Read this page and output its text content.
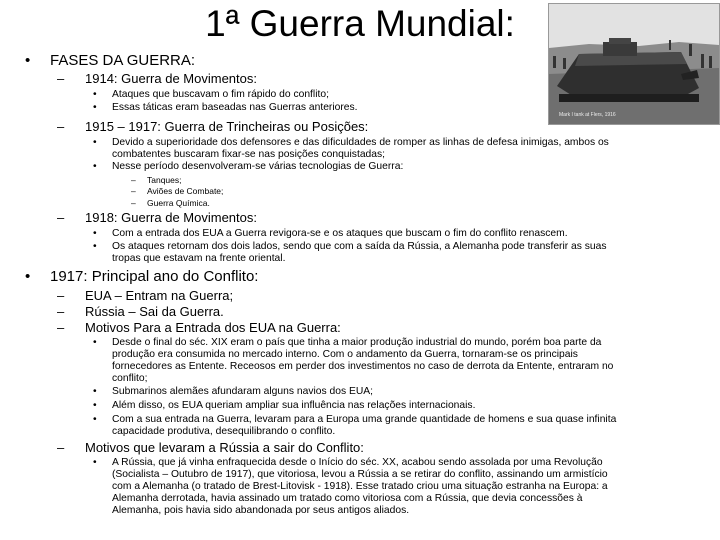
1ª Guerra Mundial:
Mark I tank at Flers, 1916
• FASES DA GUERRA:
– 1914: Guerra de Movimentos:
• Ataques que buscavam o fim rápido do conflito;
• Essas táticas eram baseadas nas Guerras anteriores.
– 1915 – 1917: Guerra de Trincheiras ou Posições:
• Devido a superioridade dos defensores e das dificuldades de romper as linhas de defesa inimigas, ambos os
combatentes buscaram fixar-se nas posições conquistadas;
• Nesse período desenvolveram-se várias tecnologias de Guerra:
– Tanques;
– Aviões de Combate;
– Guerra Química.
– 1918: Guerra de Movimentos:
• Com a entrada dos EUA a Guerra revigora-se e os ataques que buscam o fim do conflito renascem.
• Os ataques retornam dos dois lados, sendo que com a saída da Rússia, a Alemanha pode transferir as suas
tropas que estavam na frente oriental.
• 1917: Principal ano do Conflito:
– EUA – Entram na Guerra;
– Rússia – Sai da Guerra.
– Motivos Para a Entrada dos EUA na Guerra:
• Desde o final do séc. XIX eram o país que tinha a maior produção industrial do mundo, porém boa parte da
produção era consumida no mercado interno. Com o andamento da Guerra, tornaram-se os principais
fornecedores as Entente. Receosos em perder dos investimentos no caso de derrota da Entente, entraram no
conflito;
• Submarinos alemães afundaram alguns navios dos EUA;
• Além disso, os EUA queriam ampliar sua influência nas relações internacionais.
• Com a sua entrada na Guerra, levaram para a Europa uma grande quantidade de homens e sua quase infinita
capacidade produtiva, desequilibrando o conflito.
– Motivos que levaram a Rússia a sair do Conflito:
• A Rússia, que já vinha enfraquecida desde o Início do séc. XX, acabou sendo assolada por uma Revolução
(Socialista – Outubro de 1917), que vitoriosa, levou a Rússia a se retirar do conflito, assinando um armistício
com a Alemanha (o tratado de Brest-Litovisk - 1918). Esse tratado criou uma situação estranha na Europa: a
Alemanha derrotada, havia assinado um tratado como vitoriosa com a Rússia, que devia concessões à
Alemanha, pois havia sido abandonada por seus antigos aliados.
